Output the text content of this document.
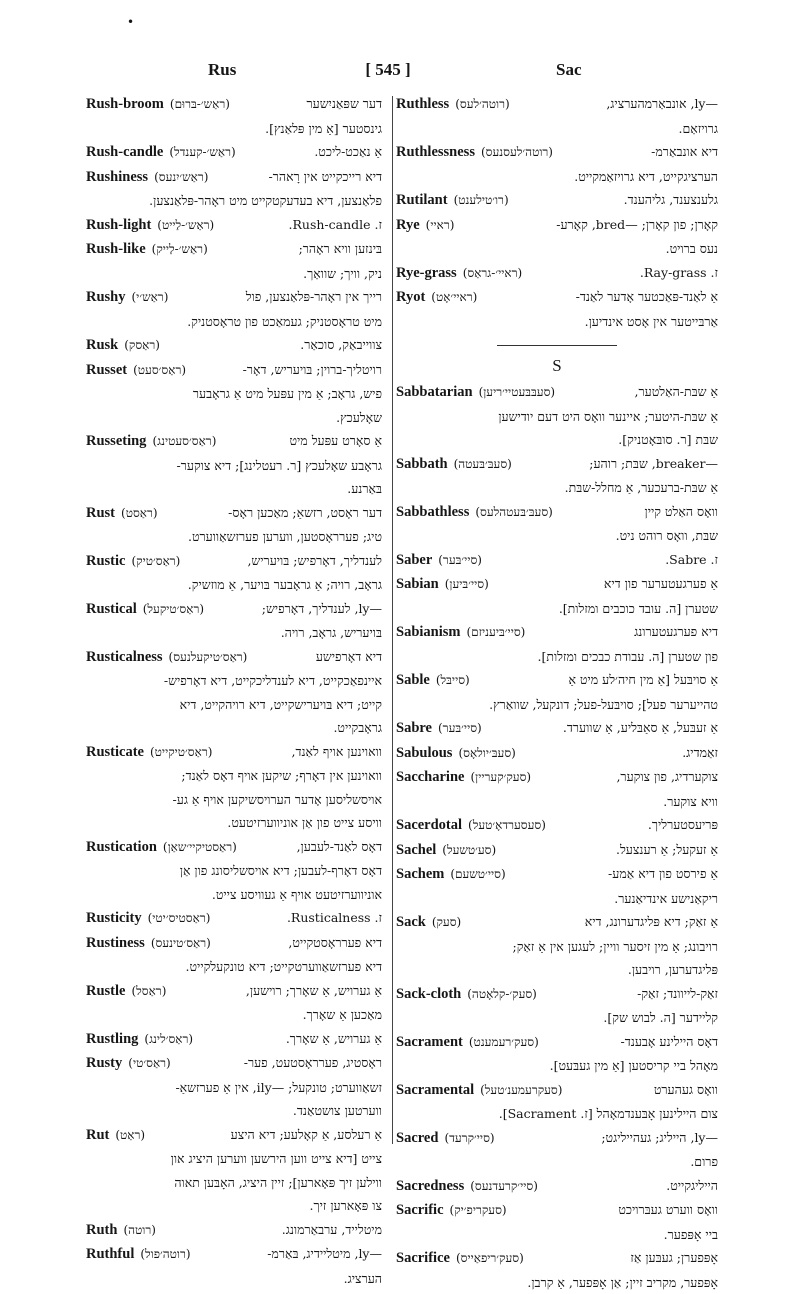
•
Rus	[ 545 ]	Sac
Rush-broom (ראַש׳-בּרוּם)	דער שפּאַניִשער
גינסטער [אַ מין פּלאַנץ].
Rush-candle (ראַש׳-קענדל)	אַ נאַכט-ליכט.
Rushiness (ראַש׳יִנעס)	דיא רייכקייט אין רָאהר-
פלאַנצען, דיא בעדעקטקייט מיט ראָהר-פּלאַנצען.
Rush-light (ראַש׳-לַייט)	ז. Rush-candle.
Rush-like (ראַש׳-לַייק)	בּינזען וויא ראָהר;
ניק, וויך; שוואַך.
Rushy (ראַש׳י)	רייך אין ראָהר-פּלאַנצען, פול
מיט טראָסטניק; געמאַכט פון טראָסטניק.
Rusk (ראַסק)	צווייבאַק, סוכאַר.
Russet (ראַס׳סעט)	רויטליך-ברוין; בּויעריש, דאָר-
פיש, גראָב; אַ מין עפּעל מיט אַ גראָבער
שאָלעכץ.
Russeting (ראַס׳סעטינג)	אַ סאָרט עפּעל מיט
גראָבע שאָלעכץ [ר. רעטלינג]; דיא צוקער-
בּאַרנע.
Rust (ראַסט)	דער ראָסט, רזשאַ; מאַכען ראָס-
טיג; פערראָסטען, ווערען פערזשאַווערט.
Rustic (ראַס׳טיק)	לענדליך, דאָרפיש; בּויעריש,
גראָב, רויה; אַ גראָבער בּויער, אַ מוזשיק.
Rustical (ראַס׳טיקעל)	—ly, לענדליך, דאָרפיש;
בּויעריש, גראָב, רויה.
Rusticalness (ראַס׳טיקעלנעס)	דיא דאָרפישע
איינפאַכקייט, דיא לענדליכקייט, דיא דאָרפיש-
קייט; דיא בּויערישקייט, דיא רויהקייט, דיא
גראָבקייט.
Rusticate (ראַס׳טיקייט)	וואוינען אויף לאַנד,
וואוינען אין דאָרף; שיקען אויף דאָס לאַנד;
אויסשליסען אָדער הערויסשיקען אויף אַ גע-
וויסע צייט פון אַן אוניווערזיטעט.
Rustication (ראַסטיקיי׳שאַן)	דאָס לאַנד-לעבען,
דאָס דאָרף-לעבען; דיא אויסשליסונג פון אַן
אוניווערזיטעט אויף אַ געוויסע צייט.
Rusticity (ראַסטיס׳יטי)	ז. Rusticalness.
Rustiness (ראַס׳טינעס)	דיא פערראָסטקייט,
דיא פערזשאַווערטקייט; דיא טונקעלקייט.
Rustle (ראַסל)	אַ גערויש, אַ שאָרך; רוישען,
מאַכען אַ שאָרך.
Rustling (ראַס׳לינג)	אַ גערויש, אַ שאָרך.
Rusty (ראַס׳טי)	ראָסטיג, פערראָסטעט, פער-
זשאַווערט; טונקעל; —ily, אין אַ פערזשאַ-
ווערטען צושטאַנד.
Rut (ראַט)	אַ רעלסע, אַ קאָלעע; דיא היצע
צייט [דיא צייט ווען הירשען ווערען היציג און
ווילען זיך פּאָארען]; זיין היציג, האָבּען תאוה
צו פּאָארען זיך.
Ruth (רוטה)	מיטלייד, ערבאַרמונג.
Ruthful (רוטה׳פול)	—ly, מיטליידיג, בּאַרמ-
הערציג.
Ruthless (רוטה׳לעס)	—ly, אונבאַרמהערציג,
גרויזאַם.
Ruthlessness (רוטה׳לעסנעס)	דיא אונבאַרמ-
הערציגקייט, דיא גרויזאַמקייט.
Rutilant (רו׳טילענט)	גלענצענד, גליהענד.
Rye (ראיי)	קאָרן; פון קאָרן; —bred, קאָרע-
נעס ברויט.
Rye-grass (ראיי׳-גראַס)	ז. Ray-grass.
Ryot (ראיי׳אָט)	אַ לאַנד-פּאַכטער אָדער לאַנד-
אַרבּייטער אין אָסט אינדיען.
S
Sabbatarian (סעבּבּעטיי׳ריען)	אַ שבּת-האַלטער,
אַ שבּת-היטער; איינער וואָס היט דעם יודישען
שבּת [ר. סובּאָטניק].
Sabbath (סעבּ׳בּעטה)	—breaker, שבּת; רוהע;
אַ שבּת-ברעכער, אַ מחלל-שבּת.
Sabbathless (סעבּ׳בּעטהלעס)	וואָס האַלט קיין
שבּת, וואָס רוהט ניט.
Saber (סיי׳בּער)	ז. Sabre.
Sabian (סיי׳בּיען)	אַ פערגעטערער פון דיא
שטערן [ה. עובד כוכבים ומזלות].
Sabianism (סיי׳בּיעניזם)	דיא פערגעטערונג
פון שטערן [ה. עבודת כבכים ומזלות].
Sable (סייבּל)	אַ סויבּעל [אַ מין חיה׳לע מיט אַ
טהייערער פעל]; סויבּעל-פעל; דונקעל, שוואַרץ.
Sabre (סיי׳בּער)	אַ זעבּעל, אַ סאַבּליע, אַ שווערד.
Sabulous (סעבּ׳יולאָס)	זאַמדיג.
Saccharine (סעק׳קעריין)	צוקערדיג, פון צוקער,
וויא צוקער.
Sacerdotal (סעסערדאָ׳טעל)	פּריעסטערליך.
Sachel (סע׳טשעל)	אַ זעקעל; אַ רענצעל.
Sachem (סיי׳טשעם)	אַ פירסט פון דיא אַמע-
ריקאַנישע אינדיאַנער.
Sack (סעק)	אַ זאַק; דיא פּליגדערונג, דיא
רויבונג; אַ מין זיסער וויין; לעגען אין אַ זאַק;
פּליגדערען, רויבען.
Sack-cloth (סעק׳-קלאָטה)	זאַק-לייוונד; זאַק-
קליידער [ה. לבוש שק].
Sacrament (סעק׳רעמענט)	דאָס היילינע אָבענד-
מאָהל ביי קריסטען [אַ מין געבּעט].
Sacramental (סעקרעמענ׳טעל)	וואָס געהערט
צום היילינען אָבּענדמאָהל [ז. Sacrament].
Sacred (סיי׳קרעד)	—ly, הייליג; געהייליגט;
פרום.
Sacredness (סיי׳קרעדנעס)	הייליגקייט.
Sacrific (סעקריפ׳יק)	וואָס ווערט געבּרויכט
ביי אָפּפער.
Sacrifice (סעק׳ריפאַייס)	אָפּפערן; געבּען אַז
אָפּפער, מקריב זיין; אַן אָפּפער, אַ קרבן.
